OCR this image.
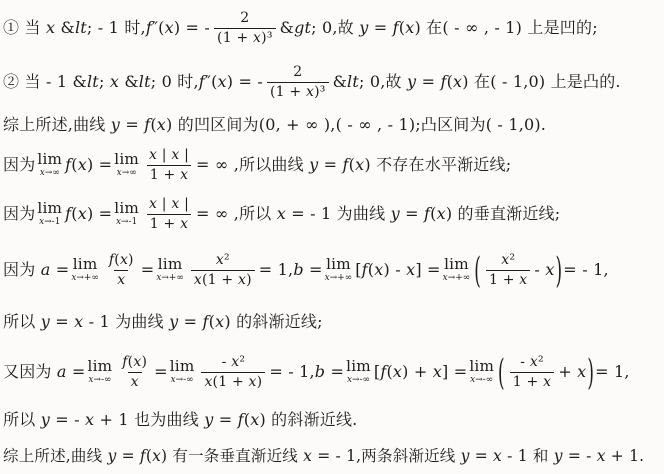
① 当 x &lt; - 1 时,f″(x) = - $\frac{2}{\text{(1 + x)³}}$ &gt; 0,故 y = f(x) 在( - ∞ , - 1) 上是凹的;
② 当 - 1 &lt; x &lt; 0 时,f″(x) = - $\frac{2}{\text{(1 + x)³}}$ &lt; 0,故 y = f(x) 在( - 1,0) 上是凸的.
综上所述,曲线 y = f(x) 的凹区间为(0, + ∞ ),( - ∞ , - 1);凸区间为( - 1,0).
因为 lim
x→∞ f(x) = lim
$x\to\infty \frac{x | x |}{1 + x}$ = ∞ ,所以曲线 y = f(x) 不存在水平渐近线;
因为 lim
x→-1 f(x) = lim
$x\to-1 \frac{x | x |}{1 + x}$ = ∞ ,所以 x = - 1 为曲线 y = f(x) 的垂直渐近线;
因为 a = lim
$x\to+\infty \frac{f(x)}{x} = \lim$
$x\to+\infty \frac{\text{x²}}{x(1 + x)} = 1,b = \lim$
x→+∞ [f(x) - x] = lim
x→+∞ ( $\frac{\text{x²}}{1 + x}$ - x ) = - 1,
所以 y = x - 1 为曲线 y = f(x) 的斜渐近线;
又因为 a = lim
$x\to-\infty \frac{f(x)}{x} = \lim$
$x\to-\infty \frac{\text{- x²}}{x(1 + x)}$ = - 1,b = lim
x→-∞ [f(x) + x] = lim
x→-∞ ( $\frac{\text{- x²}}{1 + x} + x$ ) = 1,
所以 y = - x + 1 也为曲线 y = f(x) 的斜渐近线.
综上所述,曲线 y = f(x) 有一条垂直渐近线 x = - 1,两条斜渐近线 y = x - 1 和 y = - x + 1.
